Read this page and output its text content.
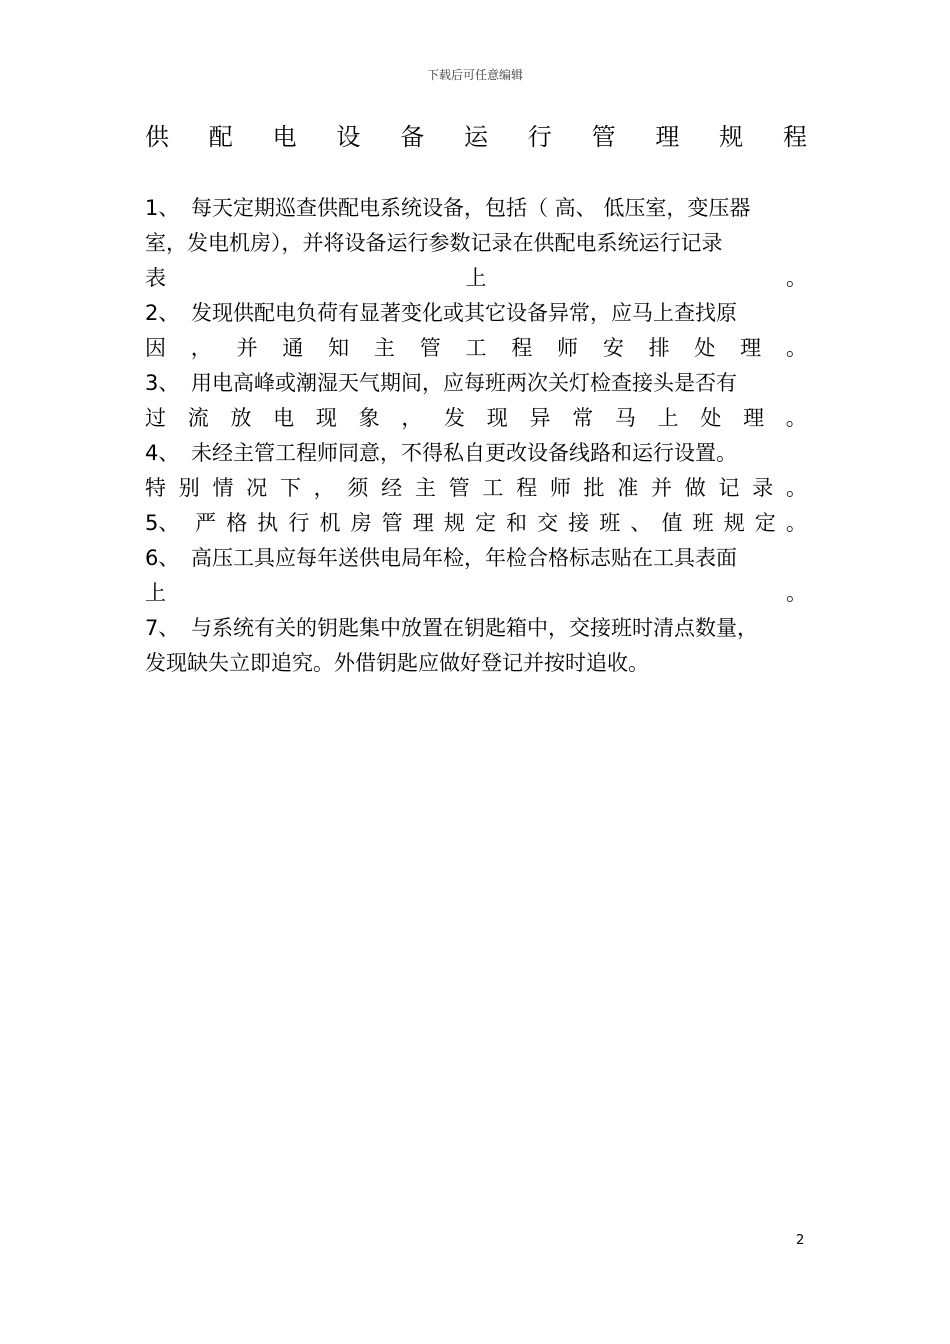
下载后可任意编辑
供 配 电 设 备 运 行 管 理 规 程
1、 每天定期巡查供配电系统设备，包括（ 高、 低压室，变压器
室，发电机房），并将设备运行参数记录在供配电系统运行记录
表	上	。
2、 发现供配电负荷有显著变化或其它设备异常，应马上查找原
因 ， 并 通 知 主 管 工 程 师 安 排 处 理 。
3、 用电高峰或潮湿天气期间，应每班两次关灯检查接头是否有
过 流 放 电 现 象 ， 发 现 异 常 马 上 处 理 。
4、 未经主管工程师同意，不得私自更改设备线路和运行设置。
特 别 情 况 下 ， 须 经 主 管 工 程 师 批 准 并 做 记 录 。
5、 严 格 执 行 机 房 管 理 规 定 和 交 接 班 、 值 班 规 定 。
6、 高压工具应每年送供电局年检，年检合格标志贴在工具表面
上	。
7、 与系统有关的钥匙集中放置在钥匙箱中，交接班时清点数量，
发现缺失立即追究。外借钥匙应做好登记并按时追收。
2
